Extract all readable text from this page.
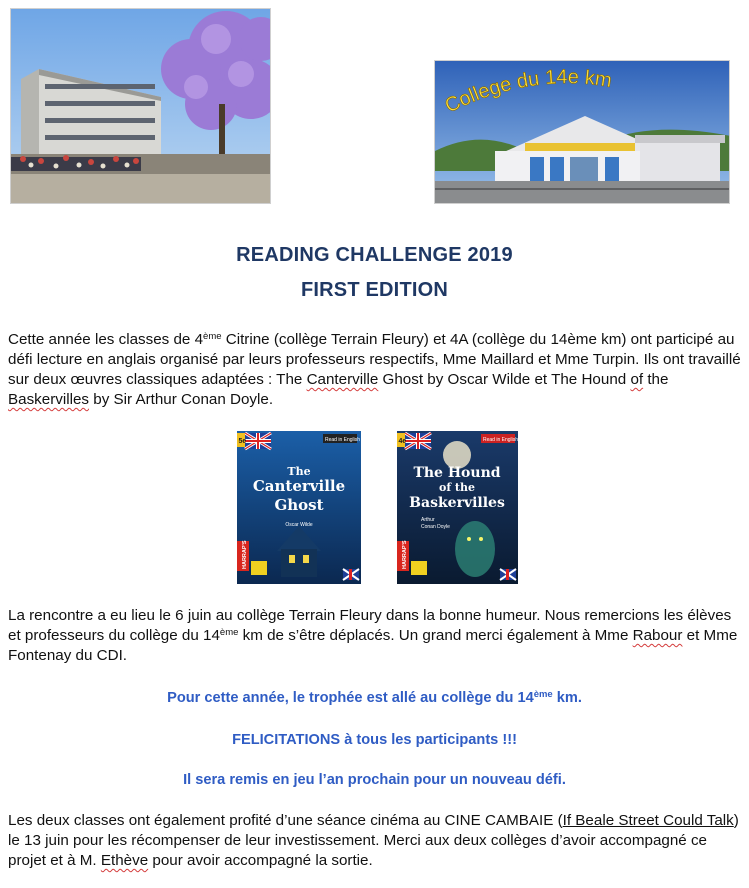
College du 14e km
READING CHALLENGE 2019
FIRST EDITION
Cette année les classes de 4ème Citrine (collège Terrain Fleury) et 4A (collège du 14ème km) ont participé au défi lecture en anglais organisé par leurs professeurs respectifs, Mme Maillard et Mme Turpin. Ils ont travaillé sur deux œuvres classiques adaptées : The Canterville Ghost by Oscar Wilde et The Hound of the Baskervilles by Sir Arthur Conan Doyle.
5e	Read in English
The
Canterville
Ghost
Oscar Wilde
HARRAP'S
4e	Read in English
The Hound
of the
Baskervilles
Arthur
Conan Doyle
HARRAP'S
La rencontre a eu lieu le 6 juin au collège Terrain Fleury dans la bonne humeur. Nous remercions les élèves et professeurs du collège du 14ème km de s’être déplacés. Un grand merci également à Mme Rabour et Mme Fontenay du CDI.
Pour cette année, le trophée est allé au collège du 14ème km.
FELICITATIONS à tous les participants !!!
Il sera remis en jeu l’an prochain pour un nouveau défi.
Les deux classes ont également profité d’une séance cinéma au CINE CAMBAIE (If Beale Street Could Talk) le 13 juin pour les récompenser de leur investissement. Merci aux deux collèges d’avoir accompagné ce projet et à M. Ethève pour avoir accompagné la sortie.
